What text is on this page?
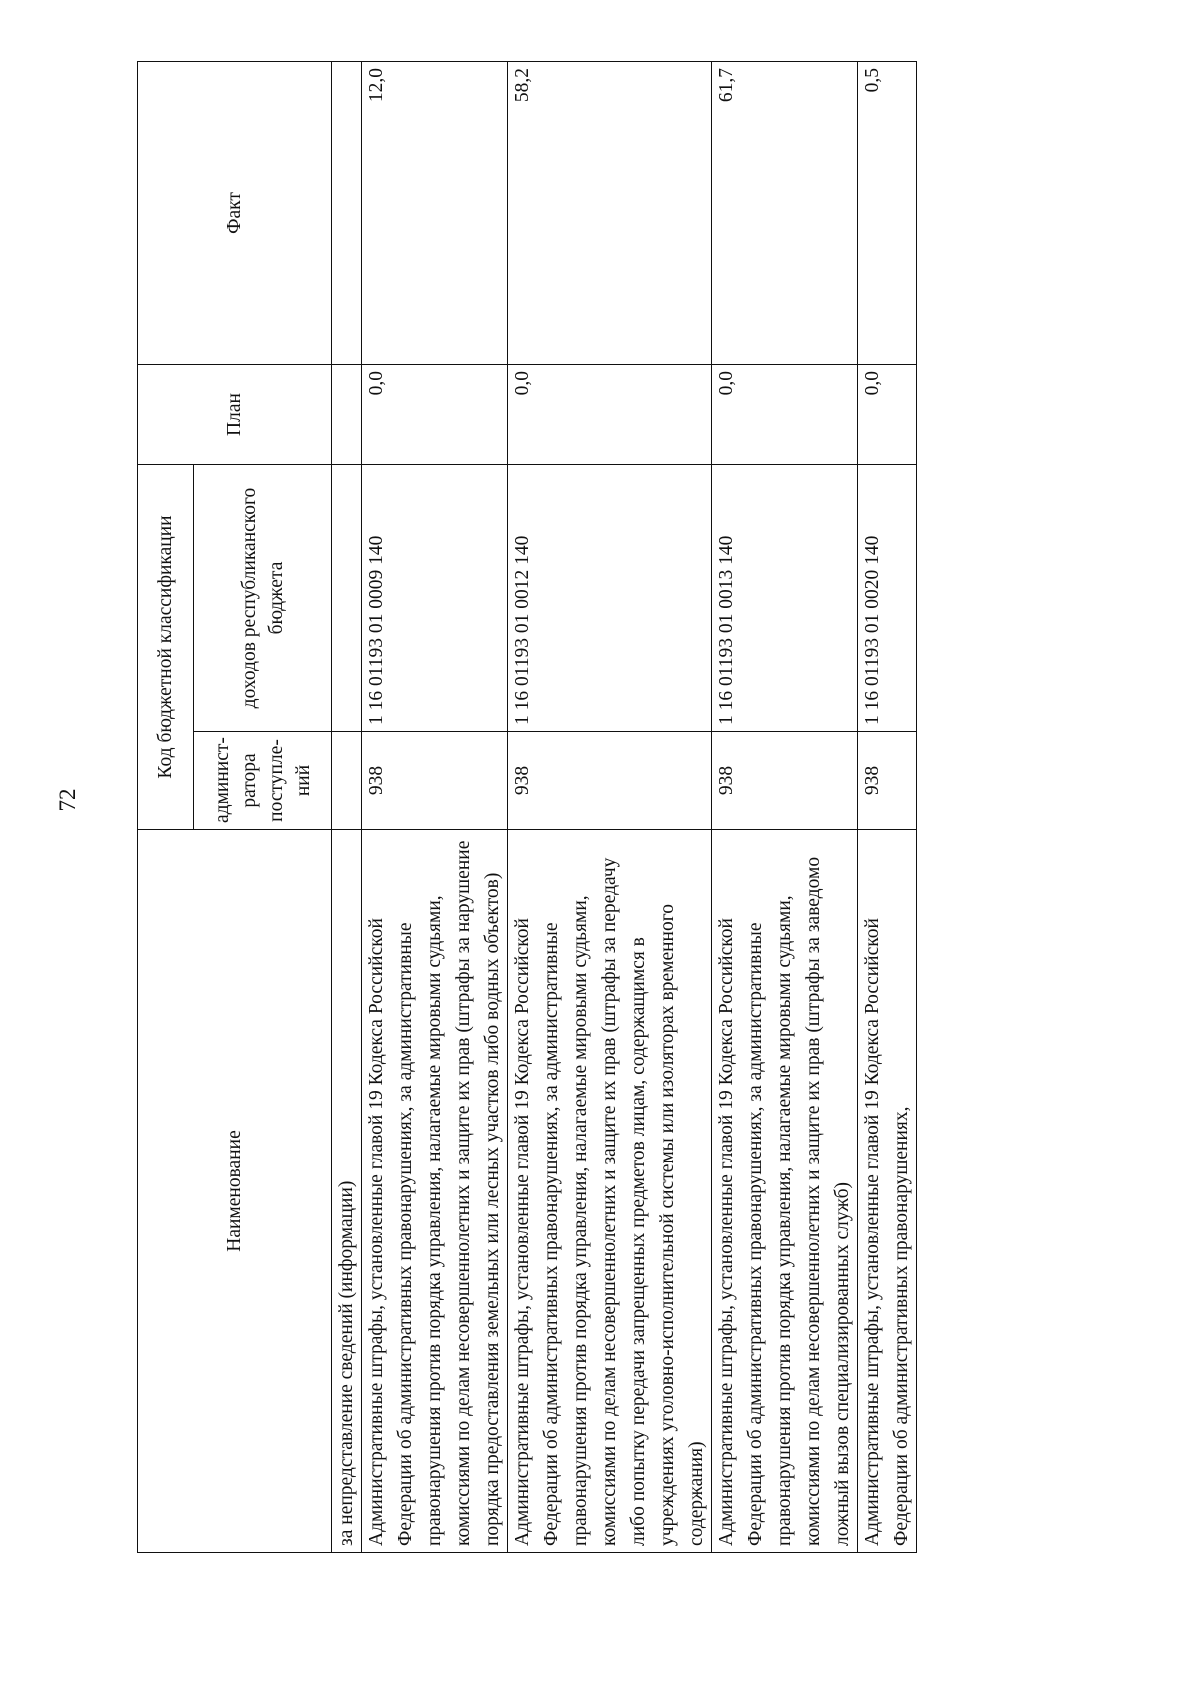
72
Наименование	Код бюджетной классификации		План	Факт
	админист-ратора поступле-ний	доходов республиканского бюджета		
за непредставление сведений (информации)				
Административные штрафы, установленные главой 19 Кодекса Российской Федерации об административных правонарушениях, за административные правонарушения против порядка управления, налагаемые мировыми судьями, комиссиями по делам несовершеннолетних и защите их прав (штрафы за нарушение порядка предоставления земельных или лесных участков либо водных объектов)	938	1 16 01193 01 0009 140	0,0	12,0
Административные штрафы, установленные главой 19 Кодекса Российской Федерации об административных правонарушениях, за административные правонарушения против порядка управления, налагаемые мировыми судьями, комиссиями по делам несовершеннолетних и защите их прав (штрафы за передачу либо попытку передачи запрещенных предметов лицам, содержащимся в учреждениях уголовно-исполнительной системы или изоляторах временного содержания)	938	1 16 01193 01 0012 140	0,0	58,2
Административные штрафы, установленные главой 19 Кодекса Российской Федерации об административных правонарушениях, за административные правонарушения против порядка управления, налагаемые мировыми судьями, комиссиями по делам несовершеннолетних и защите их прав (штрафы за заведомо ложный вызов специализированных служб)	938	1 16 01193 01 0013 140	0,0	61,7
Административные штрафы, установленные главой 19 Кодекса Российской Федерации об административных правонарушениях,	938	1 16 01193 01 0020 140	0,0	0,5
